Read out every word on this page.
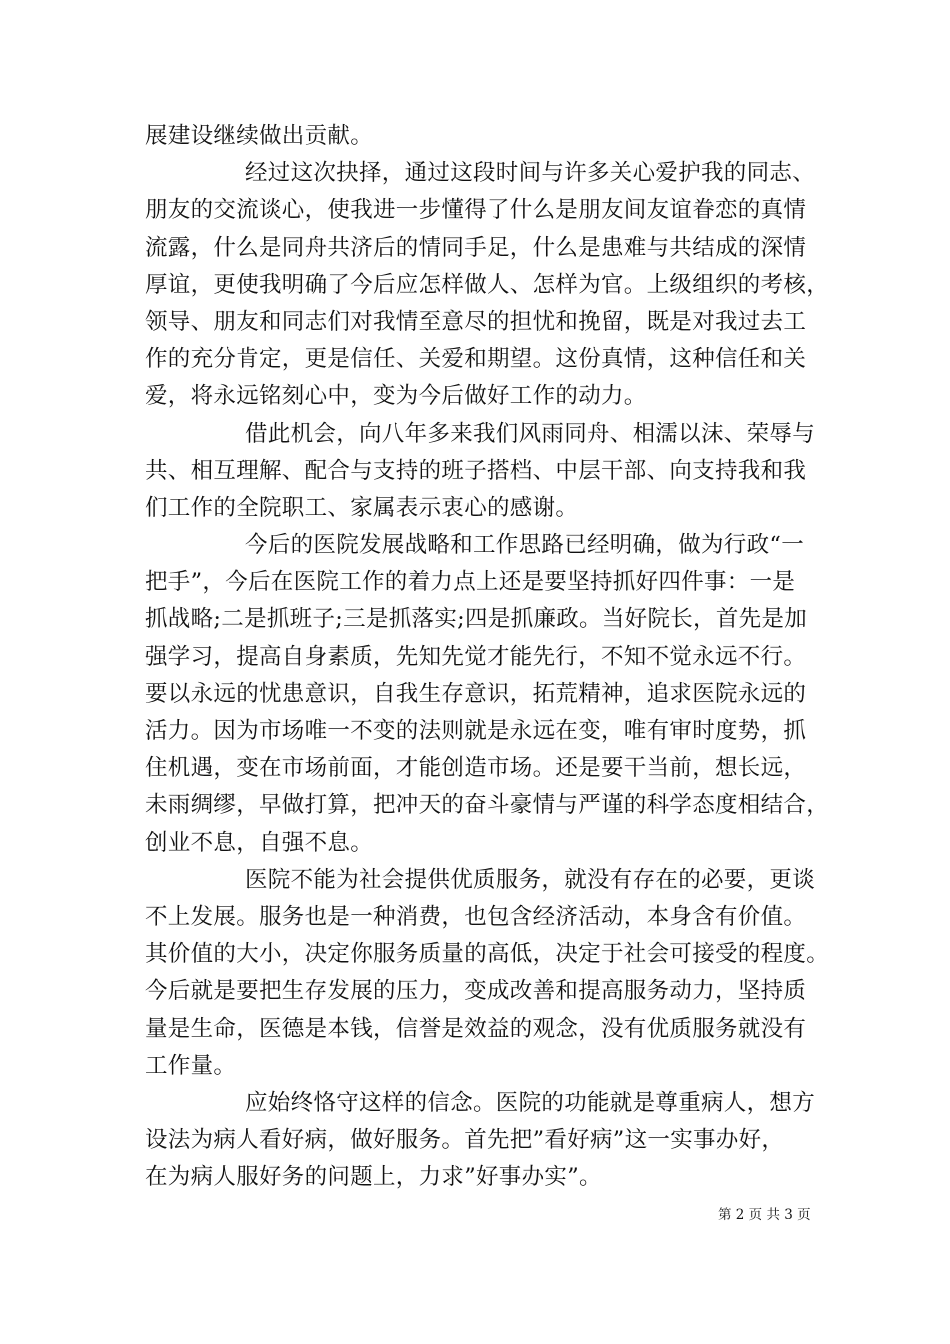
展建设继续做出贡献。
经过这次抉择，通过这段时间与许多关心爱护我的同志、
朋友的交流谈心，使我进一步懂得了什么是朋友间友谊眷恋的真情
流露，什么是同舟共济后的情同手足，什么是患难与共结成的深情
厚谊，更使我明确了今后应怎样做人、怎样为官。上级组织的考核，
领导、朋友和同志们对我情至意尽的担忧和挽留，既是对我过去工
作的充分肯定，更是信任、关爱和期望。这份真情，这种信任和关
爱，将永远铭刻心中，变为今后做好工作的动力。
借此机会，向八年多来我们风雨同舟、相濡以沫、荣辱与
共、相互理解、配合与支持的班子搭档、中层干部、向支持我和我
们工作的全院职工、家属表示衷心的感谢。
今后的医院发展战略和工作思路已经明确，做为行政“一
把手”，今后在医院工作的着力点上还是要坚持抓好四件事：一是
抓战略;二是抓班子;三是抓落实;四是抓廉政。当好院长，首先是加
强学习，提高自身素质，先知先觉才能先行，不知不觉永远不行。
要以永远的忧患意识，自我生存意识，拓荒精神，追求医院永远的
活力。因为市场唯一不变的法则就是永远在变，唯有审时度势，抓
住机遇，变在市场前面，才能创造市场。还是要干当前，想长远，
未雨绸缪，早做打算，把冲天的奋斗豪情与严谨的科学态度相结合，
创业不息，自强不息。
医院不能为社会提供优质服务，就没有存在的必要，更谈
不上发展。服务也是一种消费，也包含经济活动，本身含有价值。
其价值的大小，决定你服务质量的高低，决定于社会可接受的程度。
今后就是要把生存发展的压力，变成改善和提高服务动力，坚持质
量是生命，医德是本钱，信誉是效益的观念，没有优质服务就没有
工作量。
应始终恪守这样的信念。医院的功能就是尊重病人，想方
设法为病人看好病，做好服务。首先把”看好病”这一实事办好，
在为病人服好务的问题上，力求”好事办实”。
第 2 页 共 3 页
